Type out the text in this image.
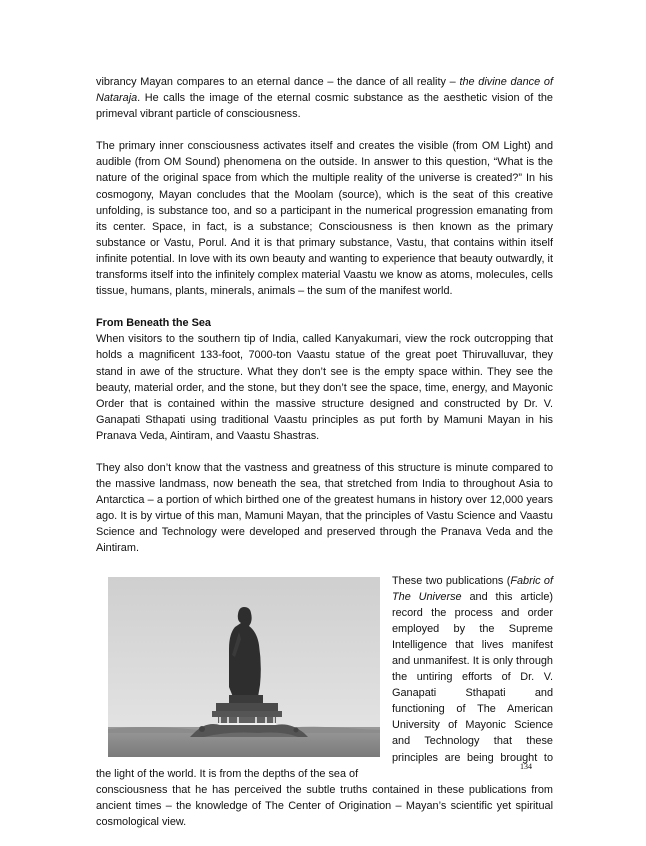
vibrancy Mayan compares to an eternal dance – the dance of all reality – the divine dance of Nataraja. He calls the image of the eternal cosmic substance as the aesthetic vision of the primeval vibrant particle of consciousness.

The primary inner consciousness activates itself and creates the visible (from OM Light) and audible (from OM Sound) phenomena on the outside. In answer to this question, “What is the nature of the original space from which the multiple reality of the universe is created?” In his cosmogony, Mayan concludes that the Moolam (source), which is the seat of this creative unfolding, is substance too, and so a participant in the numerical progression emanating from its center. Space, in fact, is a substance; Consciousness is then known as the primary substance or Vastu, Porul. And it is that primary substance, Vastu, that contains within itself infinite potential. In love with its own beauty and wanting to experience that beauty outwardly, it transforms itself into the infinitely complex material Vaastu we know as atoms, molecules, cells tissue, humans, plants, minerals, animals – the sum of the manifest world.

From Beneath the Sea

When visitors to the southern tip of India, called Kanyakumari, view the rock outcropping that holds a magnificent 133-foot, 7000-ton Vaastu statue of the great poet Thiruvalluvar, they stand in awe of the structure. What they don’t see is the empty space within. They see the beauty, material order, and the stone, but they don’t see the space, time, energy, and Mayonic Order that is contained within the massive structure designed and constructed by Dr. V. Ganapati Sthapati using traditional Vaastu principles as put forth by Mamuni Mayan in his Pranava Veda, Aintiram, and Vaastu Shastras.

They also don’t know that the vastness and greatness of this structure is minute compared to the massive landmass, now beneath the sea, that stretched from India to throughout Asia to Antarctica – a portion of which birthed one of the greatest humans in history over 12,000 years ago. It is by virtue of this man, Mamuni Mayan, that the principles of Vastu Science and Vaastu Science and Technology were developed and preserved through the Pranava Veda and the Aintiram.

These two publications (Fabric of The Universe and this article) record the process and order employed by the Supreme Intelligence that lives manifest and unmanifest. It is only through the untiring efforts of Dr. V. Ganapati Sthapati and functioning of The American University of Mayonic Science and Technology that these principles are being brought to the light of the world. It is from the depths of the sea of

consciousness that he has perceived the subtle truths contained in these publications from ancient times – the knowledge of The Center of Origination – Mayan’s scientific yet spiritual cosmological view.

134
